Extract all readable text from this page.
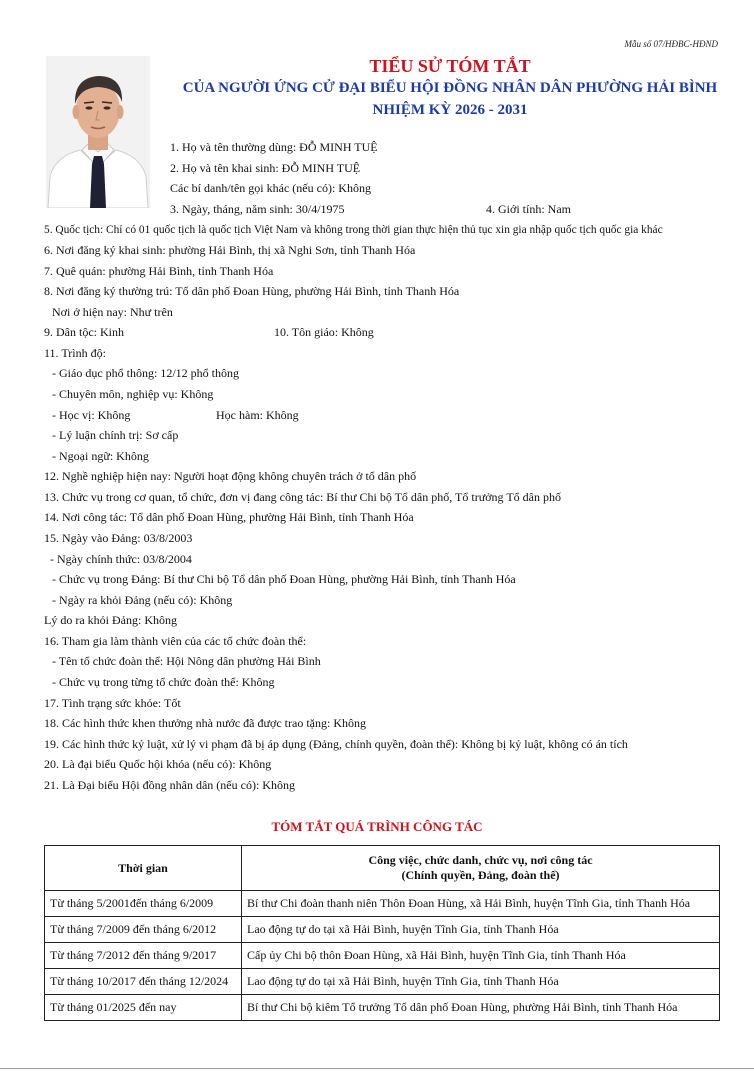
Mẫu số 07/HĐBC-HĐND
TIỂU SỬ TÓM TẮT
CỦA NGƯỜI ỨNG CỬ ĐẠI BIỂU HỘI ĐỒNG NHÂN DÂN PHƯỜNG HẢI BÌNH
NHIỆM KỲ 2026 - 2031
1. Họ và tên thường dùng: ĐỖ MINH TUỆ
2. Họ và tên khai sinh: ĐỖ MINH TUỆ
Các bí danh/tên gọi khác (nếu có): Không
3. Ngày, tháng, năm sinh: 30/4/1975	4. Giới tính: Nam
5. Quốc tịch: Chỉ có 01 quốc tịch là quốc tịch Việt Nam và không trong thời gian thực hiện thủ tục xin gia nhập quốc tịch quốc gia khác
6. Nơi đăng ký khai sinh: phường Hải Bình, thị xã Nghi Sơn, tỉnh Thanh Hóa
7. Quê quán: phường Hải Bình, tỉnh Thanh Hóa
8. Nơi đăng ký thường trú: Tổ dân phố Đoan Hùng, phường Hải Bình, tỉnh Thanh Hóa
Nơi ở hiện nay: Như trên
9. Dân tộc: Kinh	10. Tôn giáo: Không
11. Trình độ:
- Giáo dục phổ thông: 12/12 phổ thông
- Chuyên môn, nghiệp vụ: Không
- Học vị: Không	Học hàm: Không
- Lý luận chính trị: Sơ cấp
- Ngoại ngữ: Không
12. Nghề nghiệp hiện nay: Người hoạt động không chuyên trách ở tổ dân phố
13. Chức vụ trong cơ quan, tổ chức, đơn vị đang công tác: Bí thư Chi bộ Tổ dân phố, Tổ trưởng Tổ dân phố
14. Nơi công tác: Tổ dân phố Đoan Hùng, phường Hải Bình, tỉnh Thanh Hóa
15. Ngày vào Đảng: 03/8/2003
- Ngày chính thức: 03/8/2004
- Chức vụ trong Đảng: Bí thư Chi bộ Tổ dân phố Đoan Hùng, phường Hải Bình, tỉnh Thanh Hóa
- Ngày ra khỏi Đảng (nếu có): Không
Lý do ra khỏi Đảng: Không
16. Tham gia làm thành viên của các tổ chức đoàn thể:
- Tên tổ chức đoàn thể: Hội Nông dân phường Hải Bình
- Chức vụ trong từng tổ chức đoàn thể: Không
17. Tình trạng sức khỏe: Tốt
18. Các hình thức khen thưởng nhà nước đã được trao tặng: Không
19. Các hình thức kỷ luật, xử lý vi phạm đã bị áp dụng (Đảng, chính quyền, đoàn thể): Không bị kỷ luật, không có án tích
20. Là đại biểu Quốc hội khóa (nếu có): Không
21. Là Đại biểu Hội đồng nhân dân (nếu có): Không
TÓM TẮT QUÁ TRÌNH CÔNG TÁC
Thời gian	Công việc, chức danh, chức vụ, nơi công tác
(Chính quyền, Đảng, đoàn thể)

Từ tháng 5/2001đến tháng 6/2009	Bí thư Chi đoàn thanh niên Thôn Đoan Hùng, xã Hải Bình, huyện Tĩnh Gia, tỉnh Thanh Hóa
Từ tháng 7/2009 đến tháng 6/2012	Lao động tự do tại xã Hải Bình, huyện Tĩnh Gia, tỉnh Thanh Hóa
Từ tháng 7/2012 đến tháng 9/2017	Cấp ủy Chi bộ thôn Đoan Hùng, xã Hải Bình, huyện Tĩnh Gia, tỉnh Thanh Hóa
Từ tháng 10/2017 đến tháng 12/2024	Lao động tự do tại xã Hải Bình, huyện Tĩnh Gia, tỉnh Thanh Hóa
Từ tháng 01/2025 đến nay	Bí thư Chi bộ kiêm Tổ trưởng Tổ dân phố Đoan Hùng, phường Hải Bình, tỉnh Thanh Hóa
